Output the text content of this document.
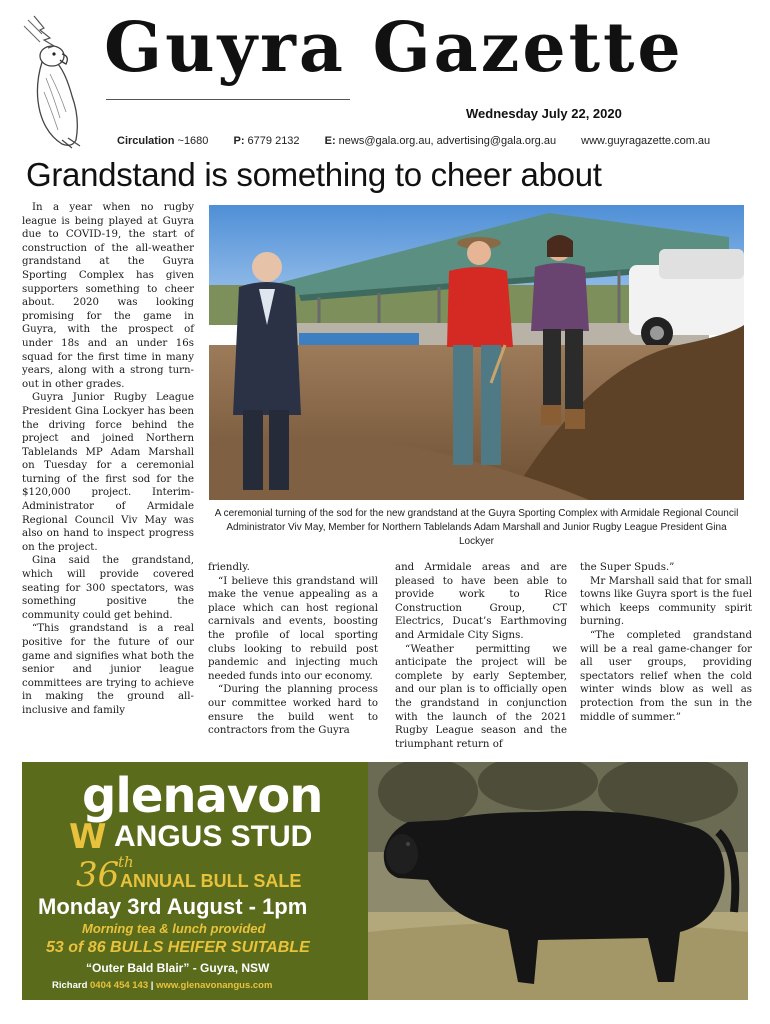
Guyra Gazette
Wednesday July 22, 2020
Circulation ~1680 P: 6779 2132 E: news@gala.org.au, advertising@gala.org.au www.guyragazette.com.au
Grandstand is something to cheer about

In a year when no rugby league is being played at Guyra due to COVID-19, the start of construction of the all-weather grandstand at the Guyra Sporting Complex has given supporters something to cheer about. 2020 was looking promising for the game in Guyra, with the prospect of under 18s and an under 16s squad for the first time in many years, along with a strong turn-out in other grades.

Guyra Junior Rugby League President Gina Lockyer has been the driving force behind the project and joined Northern Tablelands MP Adam Marshall on Tuesday for a ceremonial turning of the first sod for the $120,000 project. Interim-Administrator of Armidale Regional Council Viv May was also on hand to inspect progress on the project.

Gina said the grandstand, which will provide covered seating for 300 spectators, was something positive the community could get behind.

“This grandstand is a real positive for the future of our game and signifies what both the senior and junior league committees are trying to achieve in making the ground all-inclusive and family

A ceremonial turning of the sod for the new grandstand at the Guyra Sporting Complex with Armidale Regional Council Administrator Viv May, Member for Northern Tablelands Adam Marshall and Junior Rugby League President Gina Lockyer

friendly.

“I believe this grandstand will make the venue appealing as a place which can host regional carnivals and events, boosting the profile of local sporting clubs looking to rebuild post pandemic and injecting much needed funds into our economy.

“During the planning process our committee worked hard to ensure the build went to contractors from the Guyra

and Armidale areas and are pleased to have been able to provide work to Rice Construction Group, CT Electrics, Ducat’s Earthmoving and Armidale City Signs.

“Weather permitting we anticipate the project will be complete by early September, and our plan is to officially open the grandstand in conjunction with the launch of the 2021 Rugby League season and the triumphant return of

the Super Spuds.”

Mr Marshall said that for small towns like Guyra sport is the fuel which keeps community spirit burning.

“The completed grandstand will be a real game-changer for all user groups, providing spectators relief when the cold winter winds blow as well as protection from the sun in the middle of summer.”

glenavon
W ANGUS STUD
36
th
ANNUAL BULL SALE
Monday 3rd August - 1pm
Morning tea & lunch provided
53 of 86 BULLS HEIFER SUITABLE
“Outer Bald Blair” - Guyra, NSW
Richard 0404 454 143 | www.glenavonangus.com
